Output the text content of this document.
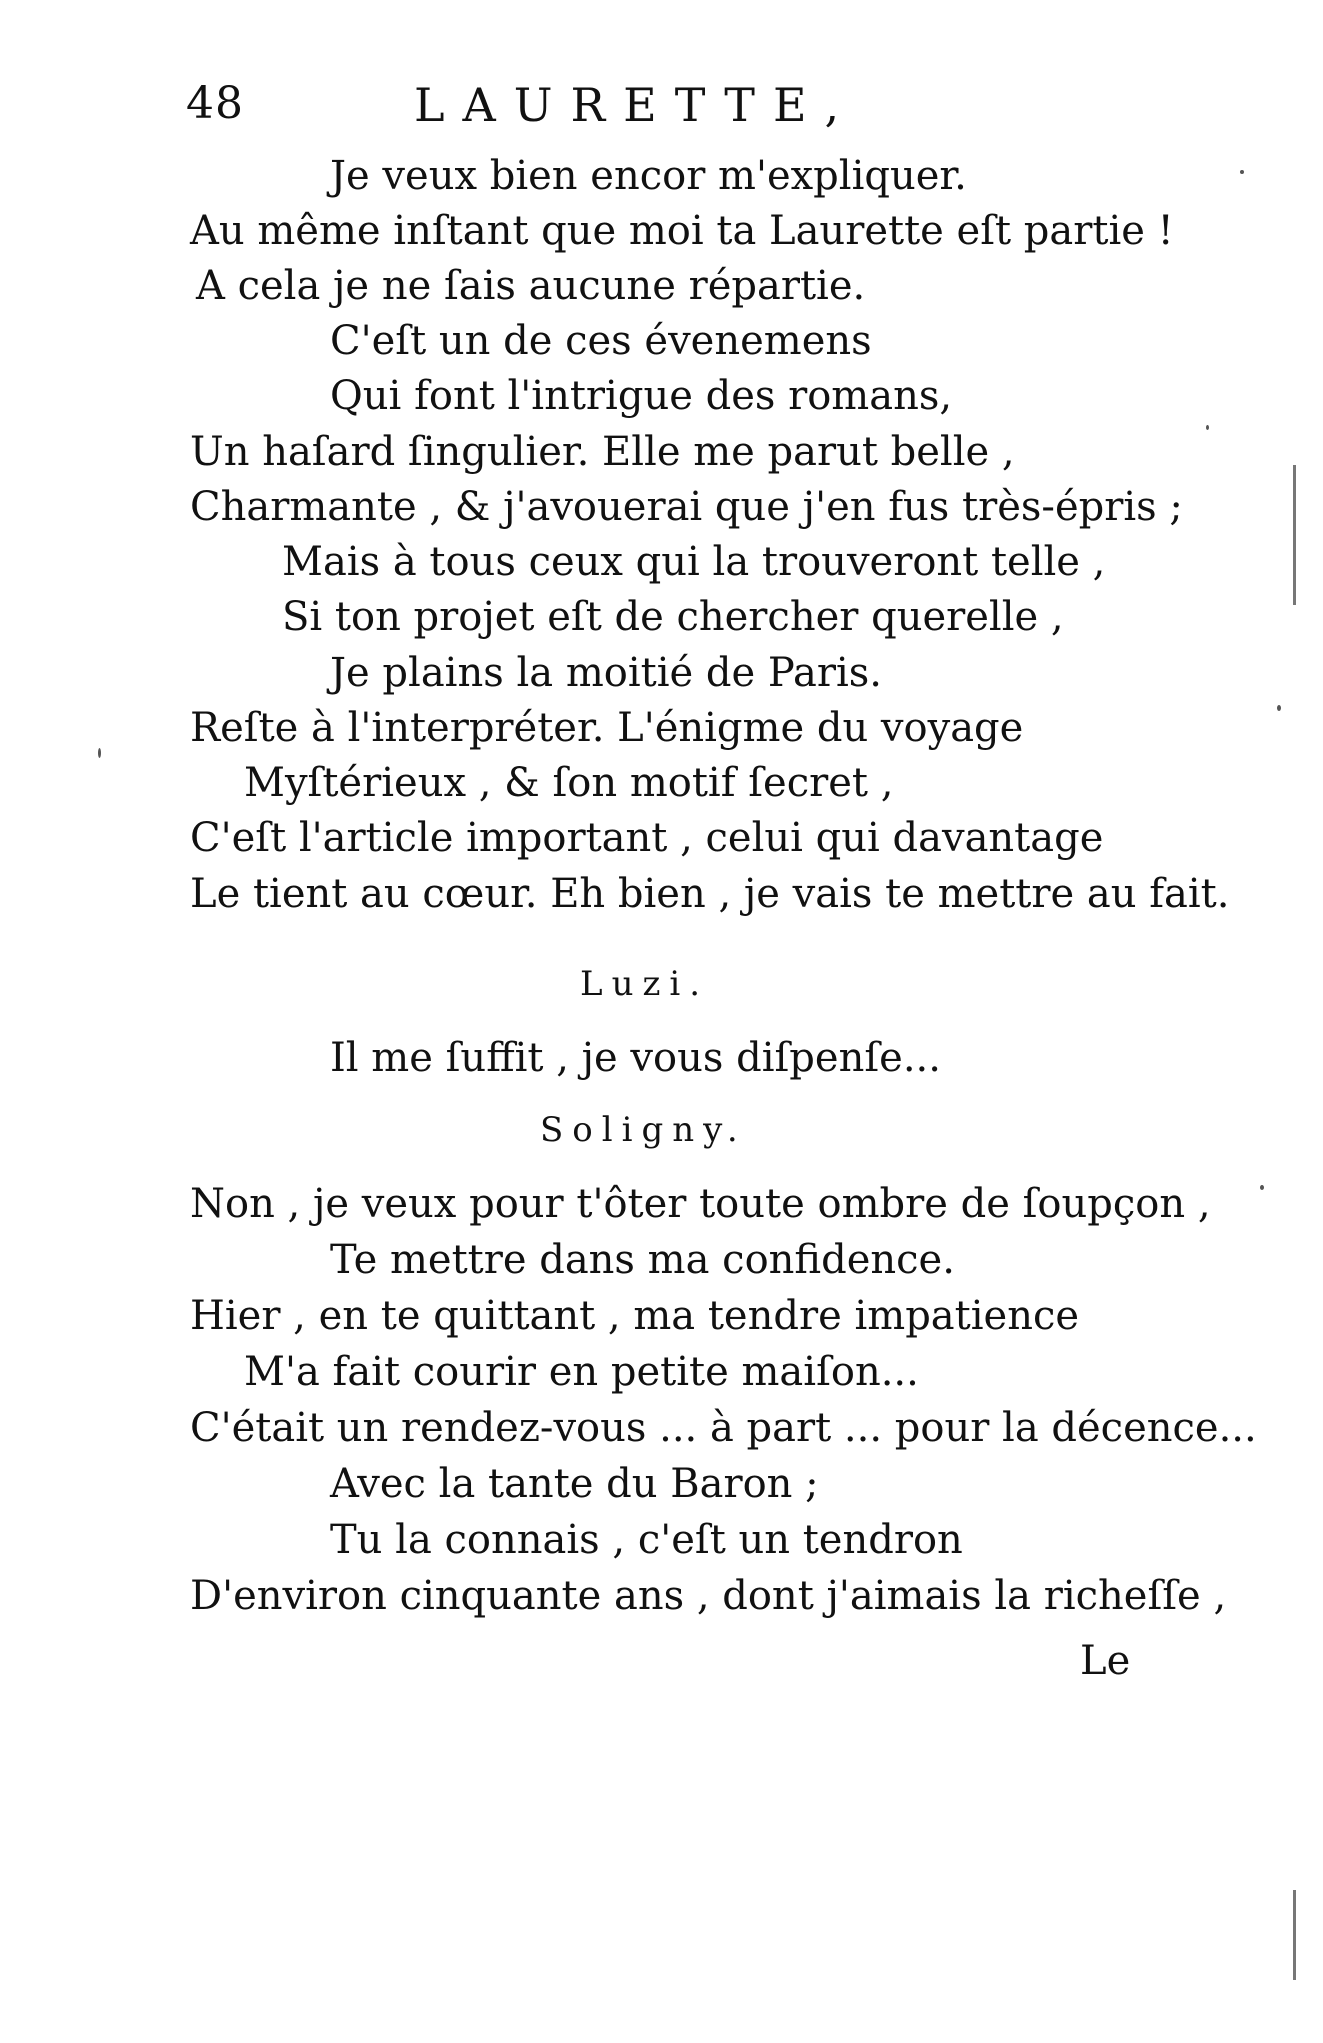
48	LAURETTE,
Je veux bien encor m'expliquer.
Au même inſtant que moi ta Laurette eſt partie !
A cela je ne ſais aucune répartie.
C'eſt un de ces évenemens
Qui font l'intrigue des romans,
Un haſard ſingulier. Elle me parut belle ,
Charmante , & j'avouerai que j'en fus très-épris ;
Mais à tous ceux qui la trouveront telle ,
Si ton projet eſt de chercher querelle ,
Je plains la moitié de Paris.
Reſte à l'interpréter. L'énigme du voyage
Myſtérieux , & ſon motif ſecret ,
C'eſt l'article important , celui qui davantage
Le tient au cœur. Eh bien , je vais te mettre au fait.
Luzi.
Il me ſuffit , je vous diſpenſe...
Soligny.
Non , je veux pour t'ôter toute ombre de ſoupçon ,
Te mettre dans ma confidence.
Hier , en te quittant , ma tendre impatience
M'a fait courir en petite maiſon...
C'était un rendez-vous ... à part ... pour la décence...
Avec la tante du Baron ;
Tu la connais , c'eſt un tendron
D'environ cinquante ans , dont j'aimais la richeſſe ,
Le
